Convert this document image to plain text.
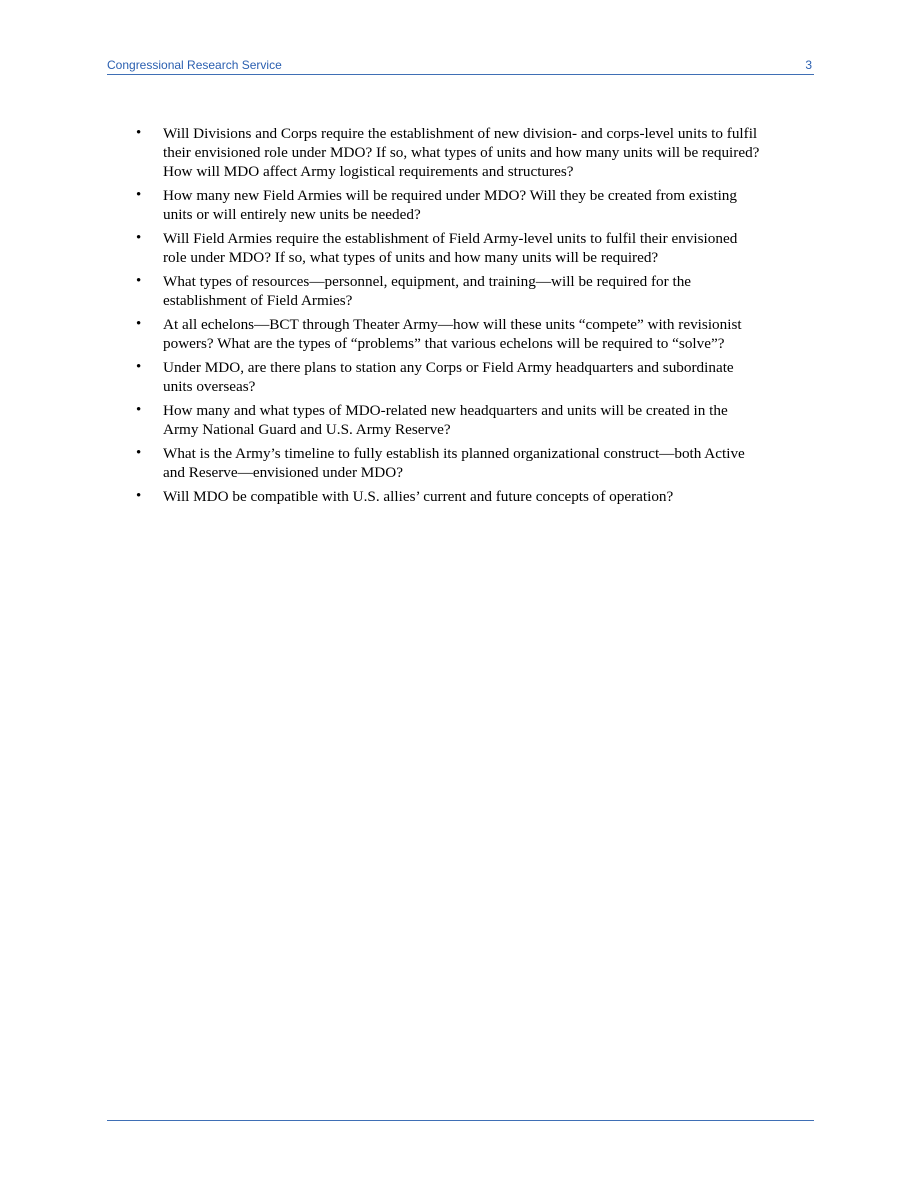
Congressional Research Service	3
• Will Divisions and Corps require the establishment of new division- and corps-level units to fulfil their envisioned role under MDO? If so, what types of units and how many units will be required? How will MDO affect Army logistical requirements and structures?
• How many new Field Armies will be required under MDO? Will they be created from existing units or will entirely new units be needed?
• Will Field Armies require the establishment of Field Army-level units to fulfil their envisioned role under MDO? If so, what types of units and how many units will be required?
• What types of resources—personnel, equipment, and training—will be required for the establishment of Field Armies?
• At all echelons—BCT through Theater Army—how will these units “compete” with revisionist powers? What are the types of “problems” that various echelons will be required to “solve”?
• Under MDO, are there plans to station any Corps or Field Army headquarters and subordinate units overseas?
• How many and what types of MDO-related new headquarters and units will be created in the Army National Guard and U.S. Army Reserve?
• What is the Army’s timeline to fully establish its planned organizational construct—both Active and Reserve—envisioned under MDO?
• Will MDO be compatible with U.S. allies’ current and future concepts of operation?
